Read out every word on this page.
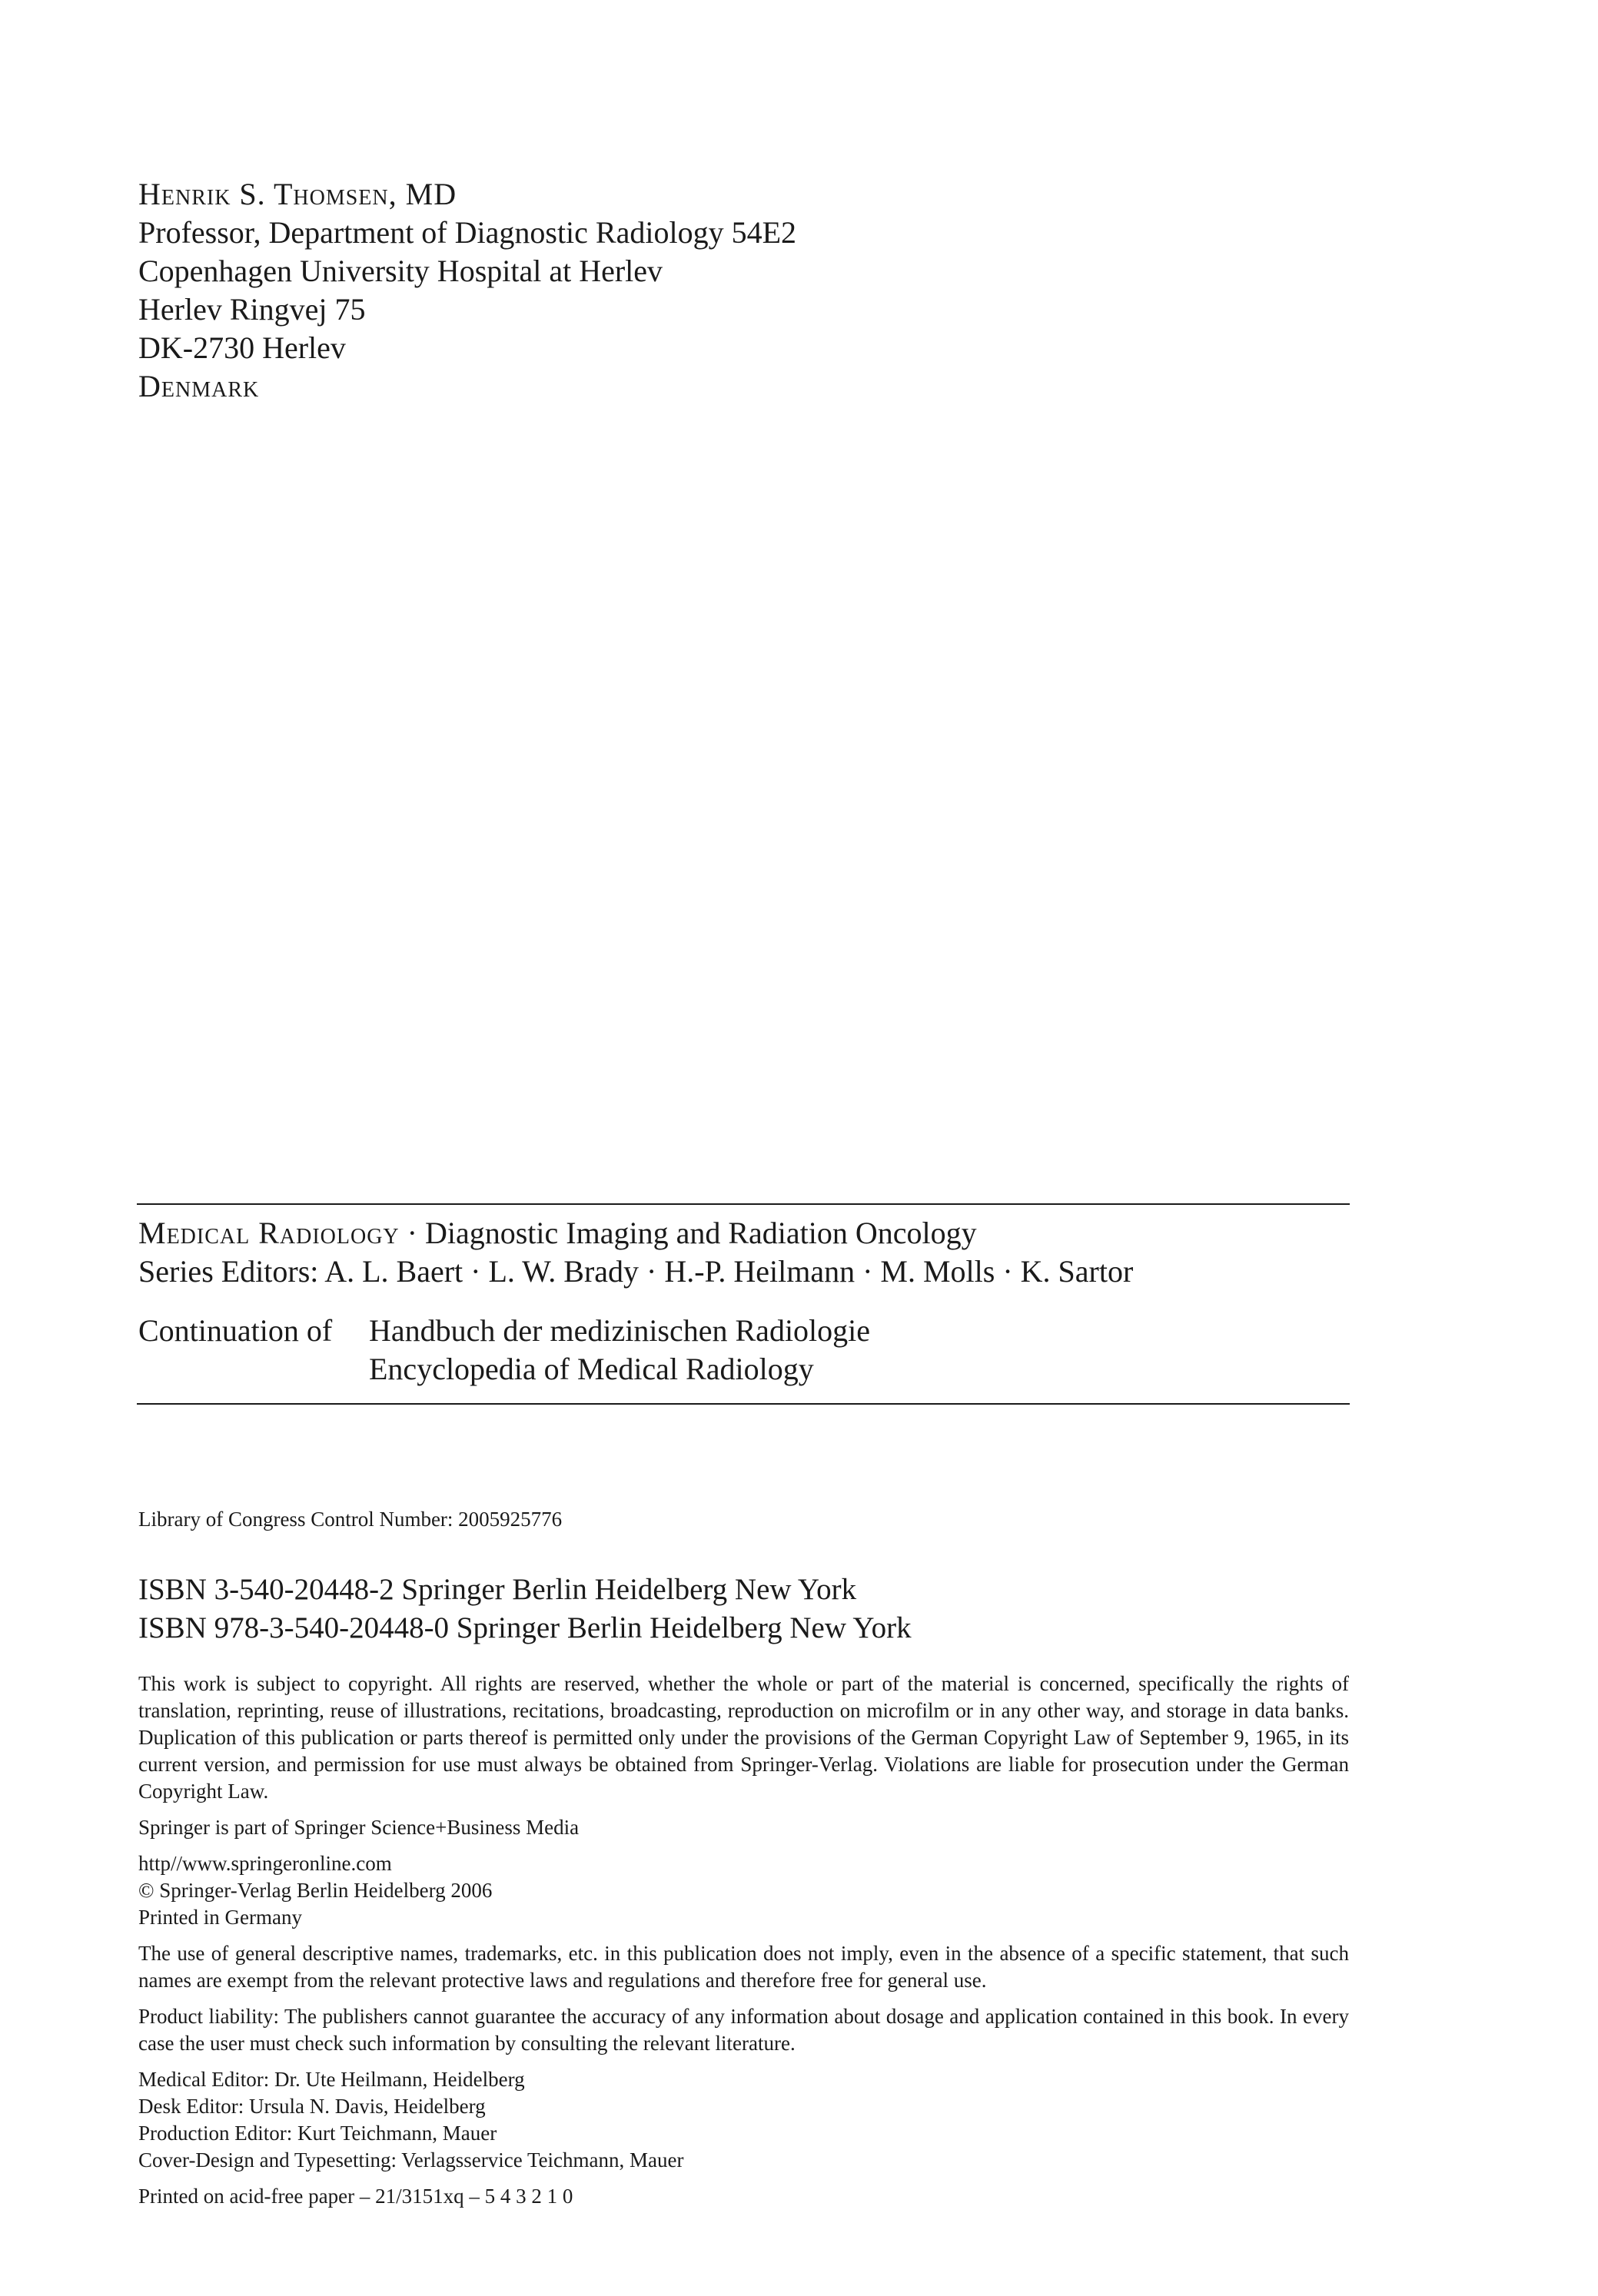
Henrik S. Thomsen, MD
Professor, Department of Diagnostic Radiology 54E2
Copenhagen University Hospital at Herlev
Herlev Ringvej 75
DK-2730 Herlev
Denmark
Medical Radiology · Diagnostic Imaging and Radiation Oncology
Series Editors: A. L. Baert · L. W. Brady · H.-P. Heilmann · M. Molls · K. Sartor
Continuation of	Handbuch der medizinischen Radiologie
Encyclopedia of Medical Radiology
Library of Congress Control Number: 2005925776
ISBN 3-540-20448-2 Springer Berlin Heidelberg New York
ISBN 978-3-540-20448-0 Springer Berlin Heidelberg New York

This work is subject to copyright. All rights are reserved, whether the whole or part of the material is concerned, specifically the rights of translation, reprinting, reuse of illustrations, recitations, broadcasting, reproduction on microfilm or in any other way, and storage in data banks. Duplication of this publication or parts thereof is permitted only under the provisions of the German Copyright Law of September 9, 1965, in its current version, and permission for use must always be obtained from Springer-Verlag. Violations are liable for prosecution under the German Copyright Law.

Springer is part of Springer Science+Business Media

http//www.springeronline.com
© Springer-Verlag Berlin Heidelberg 2006
Printed in Germany

The use of general descriptive names, trademarks, etc. in this publication does not imply, even in the absence of a specific statement, that such names are exempt from the relevant protective laws and regulations and therefore free for general use.

Product liability: The publishers cannot guarantee the accuracy of any information about dosage and application contained in this book. In every case the user must check such information by consulting the relevant literature.

Medical Editor: Dr. Ute Heilmann, Heidelberg
Desk Editor: Ursula N. Davis, Heidelberg
Production Editor: Kurt Teichmann, Mauer
Cover-Design and Typesetting: Verlagsservice Teichmann, Mauer
Printed on acid-free paper – 21/3151xq – 5 4 3 2 1 0
